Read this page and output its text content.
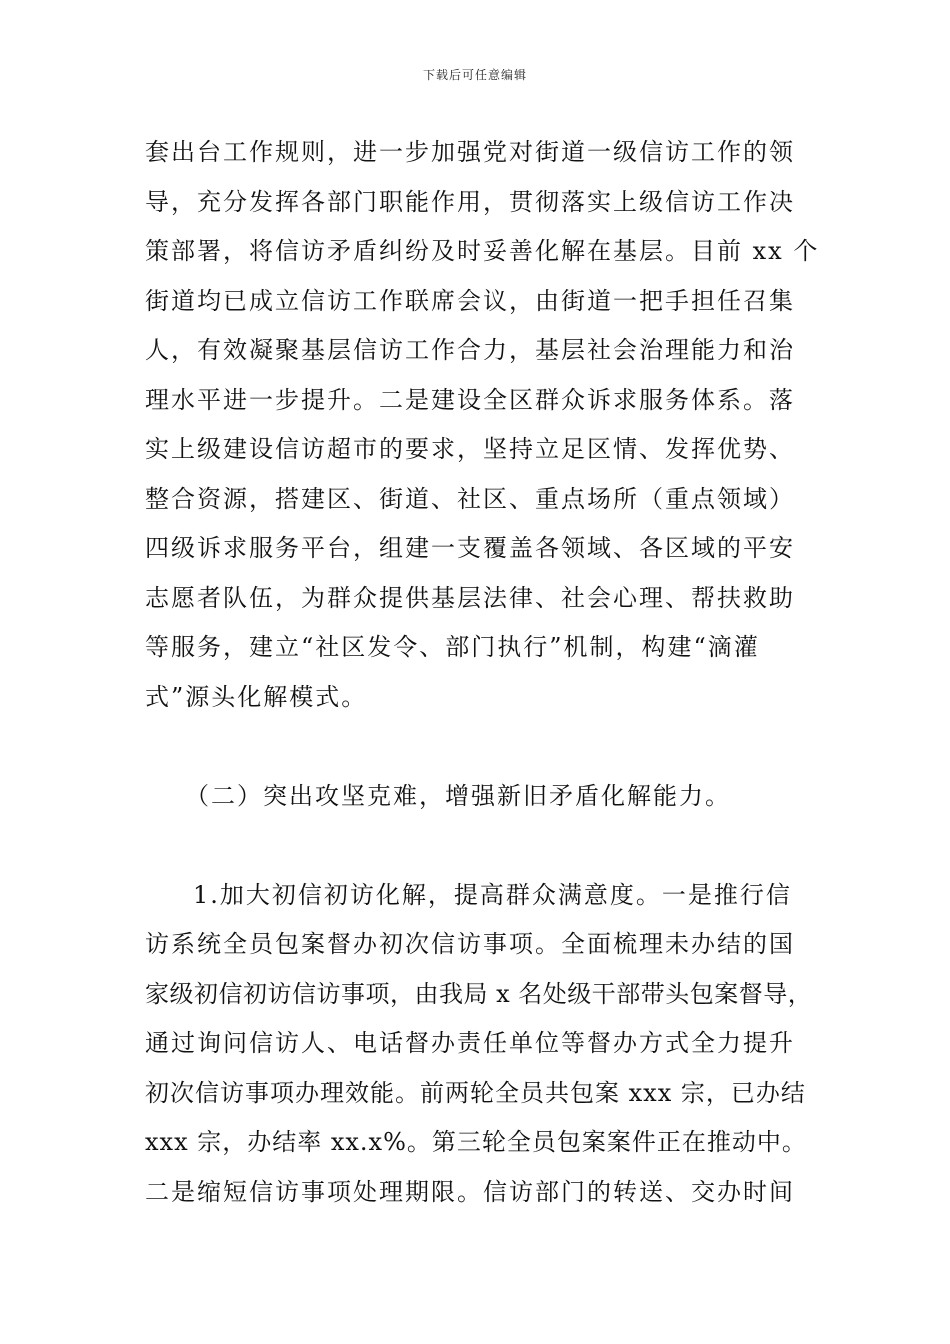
下载后可任意编辑
套出台工作规则，进一步加强党对街道一级信访工作的领
导，充分发挥各部门职能作用，贯彻落实上级信访工作决
策部署，将信访矛盾纠纷及时妥善化解在基层。目前 xx 个
街道均已成立信访工作联席会议，由街道一把手担任召集
人，有效凝聚基层信访工作合力，基层社会治理能力和治
理水平进一步提升。二是建设全区群众诉求服务体系。落
实上级建设信访超市的要求，坚持立足区情、发挥优势、
整合资源，搭建区、街道、社区、重点场所（重点领域）
四级诉求服务平台，组建一支覆盖各领域、各区域的平安
志愿者队伍，为群众提供基层法律、社会心理、帮扶救助
等服务，建立“社区发令、部门执行”机制，构建“滴灌
式”源头化解模式。
（二）突出攻坚克难，增强新旧矛盾化解能力。
1.加大初信初访化解，提高群众满意度。一是推行信
访系统全员包案督办初次信访事项。全面梳理未办结的国
家级初信初访信访事项，由我局 x 名处级干部带头包案督导，
通过询问信访人、电话督办责任单位等督办方式全力提升
初次信访事项办理效能。前两轮全员共包案 xxx 宗，已办结
xxx 宗，办结率 xx.x%。第三轮全员包案案件正在推动中。
二是缩短信访事项处理期限。信访部门的转送、交办时间
